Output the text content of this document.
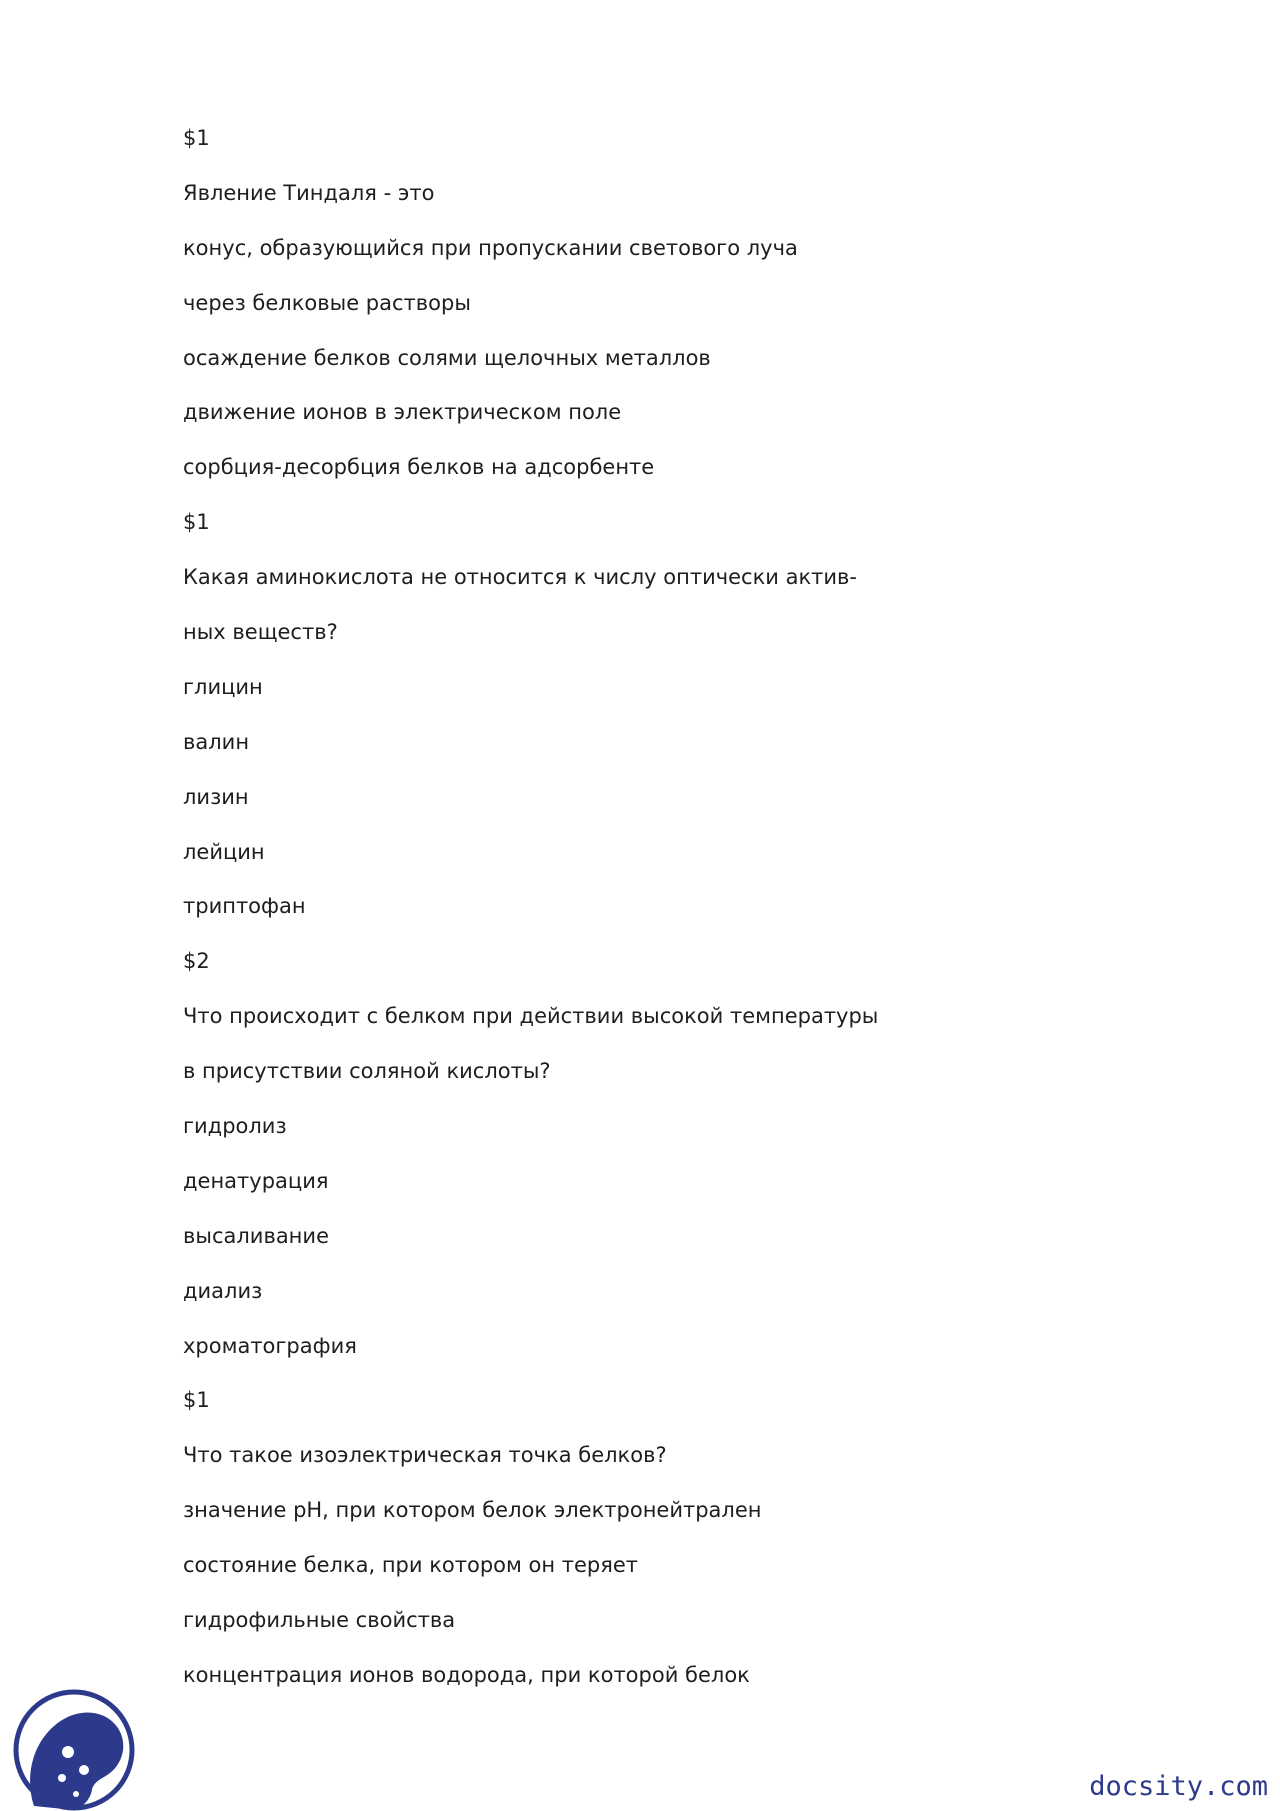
$1
Явление Тиндаля - это
конус, образующийся при пропускании светового луча
через белковые растворы
осаждение белков солями щелочных металлов
движение ионов в электрическом поле
сорбция-десорбция белков на адсорбенте
$1
Какая аминокислота не относится к числу оптически актив-
ных веществ?
глицин
валин
лизин
лейцин
триптофан
$2
Что происходит с белком при действии высокой температуры
в присутствии соляной кислоты?
гидролиз
денатурация
высаливание
диализ
хроматография
$1
Что такое изоэлектрическая точка белков?
значение pH, при котором белок электронейтрален
состояние белка, при котором он теряет
гидрофильные свойства
концентрация ионов водорода, при которой белок
docsity.com
